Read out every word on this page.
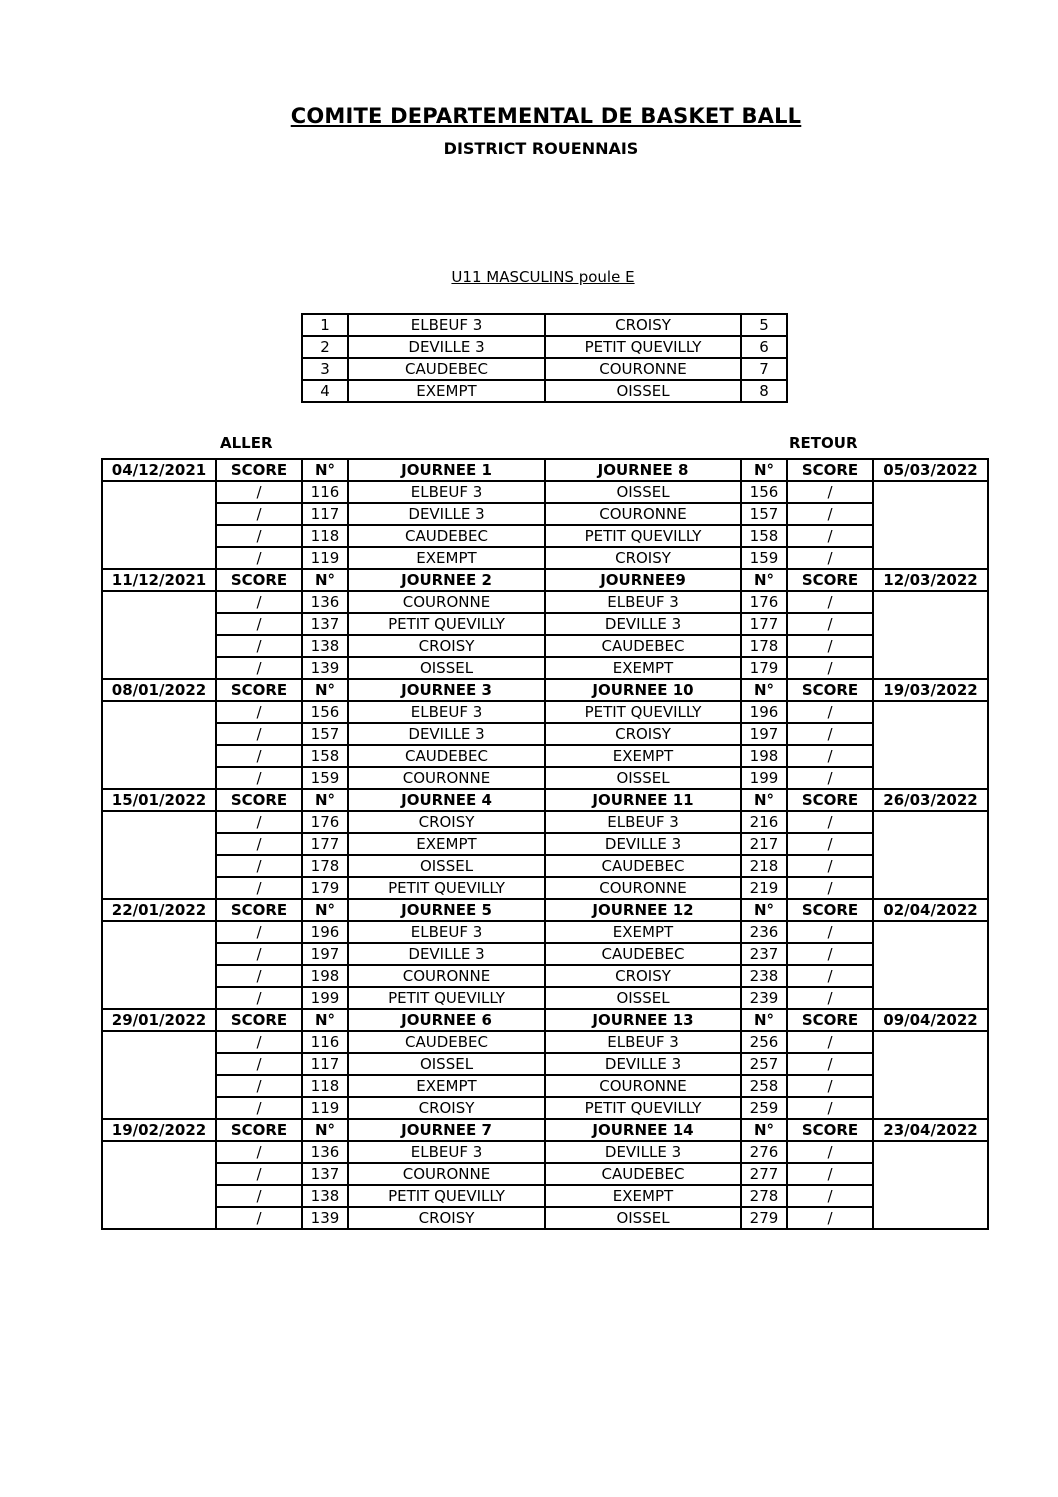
COMITE DEPARTEMENTAL DE BASKET BALL
DISTRICT ROUENNAIS
U11 MASCULINS poule E
1	ELBEUF 3	CROISY	5
2	DEVILLE 3	PETIT QUEVILLY	6
3	CAUDEBEC	COURONNE	7
4	EXEMPT	OISSEL	8
ALLER	RETOUR
04/12/2021	SCORE	N°	JOURNEE 1	JOURNEE 8	N°	SCORE	05/03/2022
	/	116	ELBEUF 3	OISSEL	156	/	
	/	117	DEVILLE 3	COURONNE	157	/	
	/	118	CAUDEBEC	PETIT QUEVILLY	158	/	
	/	119	EXEMPT	CROISY	159	/	
11/12/2021	SCORE	N°	JOURNEE 2	JOURNEE9	N°	SCORE	12/03/2022
	/	136	COURONNE	ELBEUF 3	176	/	
	/	137	PETIT QUEVILLY	DEVILLE 3	177	/	
	/	138	CROISY	CAUDEBEC	178	/	
	/	139	OISSEL	EXEMPT	179	/	
08/01/2022	SCORE	N°	JOURNEE 3	JOURNEE 10	N°	SCORE	19/03/2022
	/	156	ELBEUF 3	PETIT QUEVILLY	196	/	
	/	157	DEVILLE 3	CROISY	197	/	
	/	158	CAUDEBEC	EXEMPT	198	/	
	/	159	COURONNE	OISSEL	199	/	
15/01/2022	SCORE	N°	JOURNEE 4	JOURNEE 11	N°	SCORE	26/03/2022
	/	176	CROISY	ELBEUF 3	216	/	
	/	177	EXEMPT	DEVILLE 3	217	/	
	/	178	OISSEL	CAUDEBEC	218	/	
	/	179	PETIT QUEVILLY	COURONNE	219	/	
22/01/2022	SCORE	N°	JOURNEE 5	JOURNEE 12	N°	SCORE	02/04/2022
	/	196	ELBEUF 3	EXEMPT	236	/	
	/	197	DEVILLE 3	CAUDEBEC	237	/	
	/	198	COURONNE	CROISY	238	/	
	/	199	PETIT QUEVILLY	OISSEL	239	/	
29/01/2022	SCORE	N°	JOURNEE 6	JOURNEE 13	N°	SCORE	09/04/2022
	/	116	CAUDEBEC	ELBEUF 3	256	/	
	/	117	OISSEL	DEVILLE 3	257	/	
	/	118	EXEMPT	COURONNE	258	/	
	/	119	CROISY	PETIT QUEVILLY	259	/	
19/02/2022	SCORE	N°	JOURNEE 7	JOURNEE 14	N°	SCORE	23/04/2022
	/	136	ELBEUF 3	DEVILLE 3	276	/	
	/	137	COURONNE	CAUDEBEC	277	/	
	/	138	PETIT QUEVILLY	EXEMPT	278	/	
	/	139	CROISY	OISSEL	279	/	
